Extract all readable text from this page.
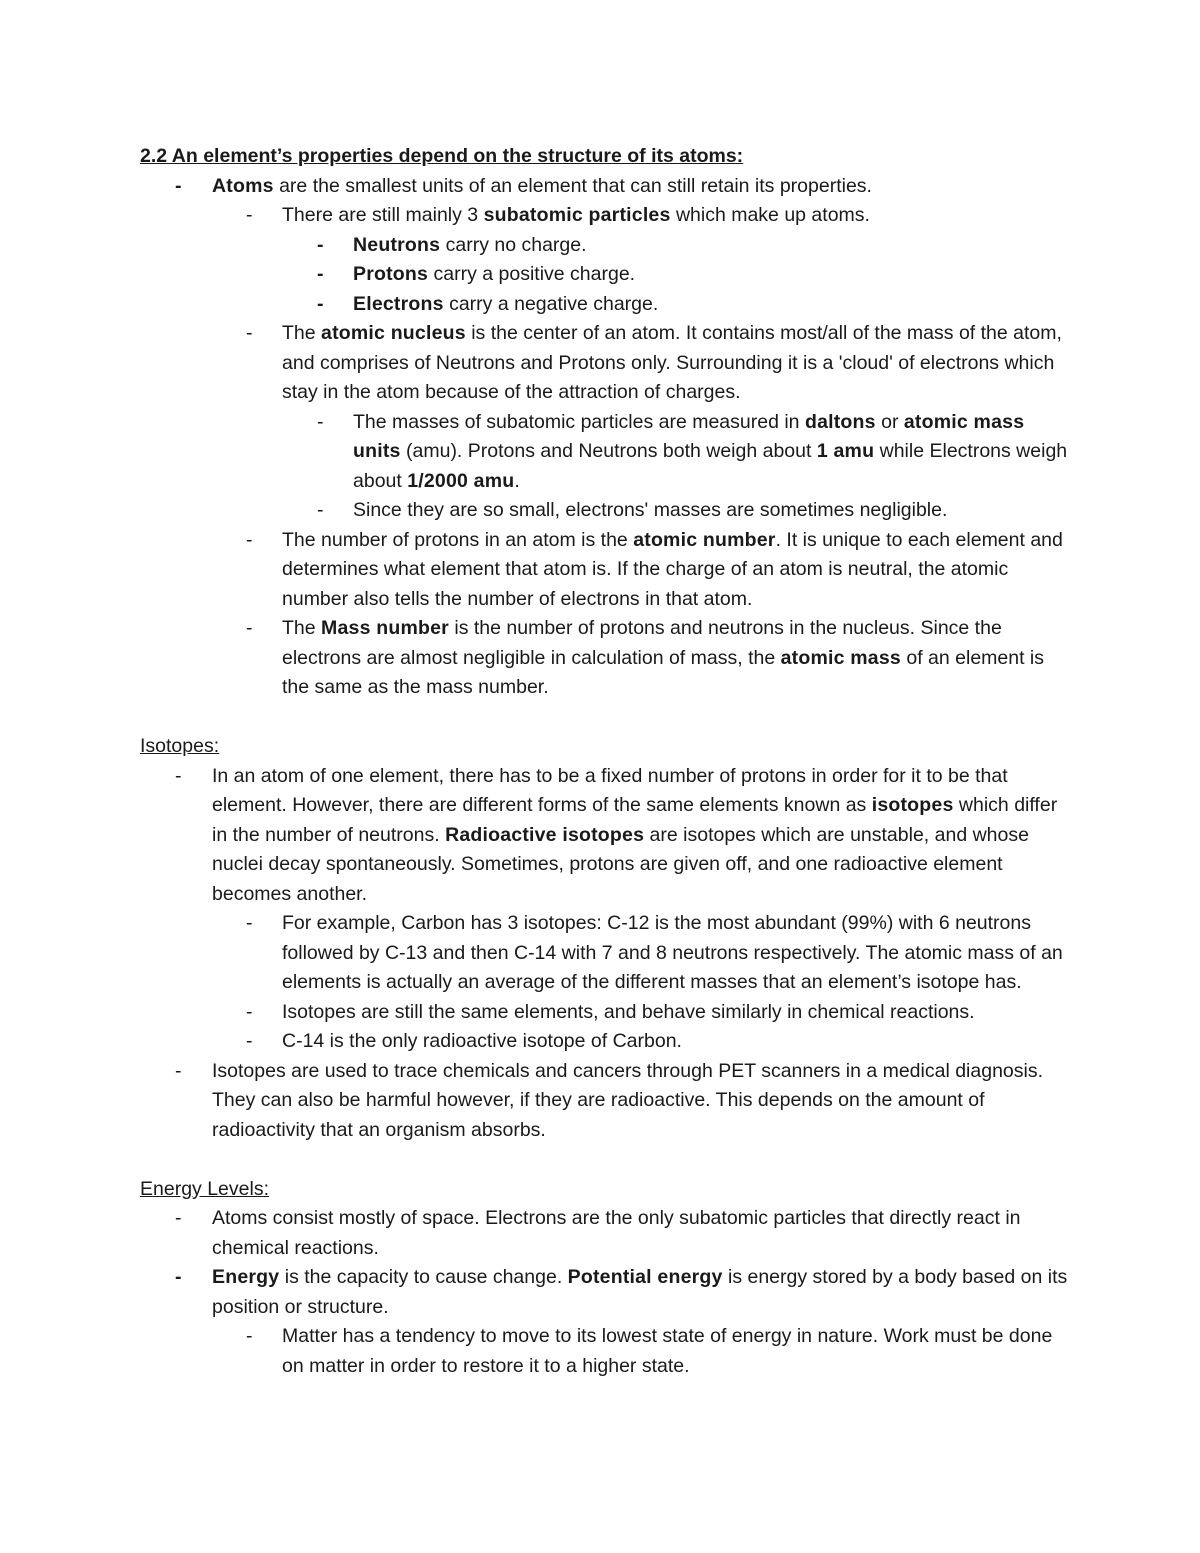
2.2 An element’s properties depend on the structure of its atoms:
- Atoms are the smallest units of an element that can still retain its properties.
- There are still mainly 3 subatomic particles which make up atoms.
- Neutrons carry no charge.
- Protons carry a positive charge.
- Electrons carry a negative charge.
- The atomic nucleus is the center of an atom. It contains most/all of the mass of the atom, and comprises of Neutrons and Protons only. Surrounding it is a 'cloud' of electrons which stay in the atom because of the attraction of charges.
- The masses of subatomic particles are measured in daltons or atomic mass units (amu). Protons and Neutrons both weigh about 1 amu while Electrons weigh about 1/2000 amu.
- Since they are so small, electrons' masses are sometimes negligible.
- The number of protons in an atom is the atomic number. It is unique to each element and determines what element that atom is. If the charge of an atom is neutral, the atomic number also tells the number of electrons in that atom.
- The Mass number is the number of protons and neutrons in the nucleus. Since the electrons are almost negligible in calculation of mass, the atomic mass of an element is the same as the mass number.
Isotopes:
- In an atom of one element, there has to be a fixed number of protons in order for it to be that element. However, there are different forms of the same elements known as isotopes which differ in the number of neutrons. Radioactive isotopes are isotopes which are unstable, and whose nuclei decay spontaneously. Sometimes, protons are given off, and one radioactive element becomes another.
- For example, Carbon has 3 isotopes: C-12 is the most abundant (99%) with 6 neutrons followed by C-13 and then C-14 with 7 and 8 neutrons respectively. The atomic mass of an elements is actually an average of the different masses that an element’s isotope has.
- Isotopes are still the same elements, and behave similarly in chemical reactions.
- C-14 is the only radioactive isotope of Carbon.
- Isotopes are used to trace chemicals and cancers through PET scanners in a medical diagnosis. They can also be harmful however, if they are radioactive. This depends on the amount of radioactivity that an organism absorbs.
Energy Levels:
- Atoms consist mostly of space. Electrons are the only subatomic particles that directly react in chemical reactions.
- Energy is the capacity to cause change. Potential energy is energy stored by a body based on its position or structure.
- Matter has a tendency to move to its lowest state of energy in nature. Work must be done on matter in order to restore it to a higher state.
